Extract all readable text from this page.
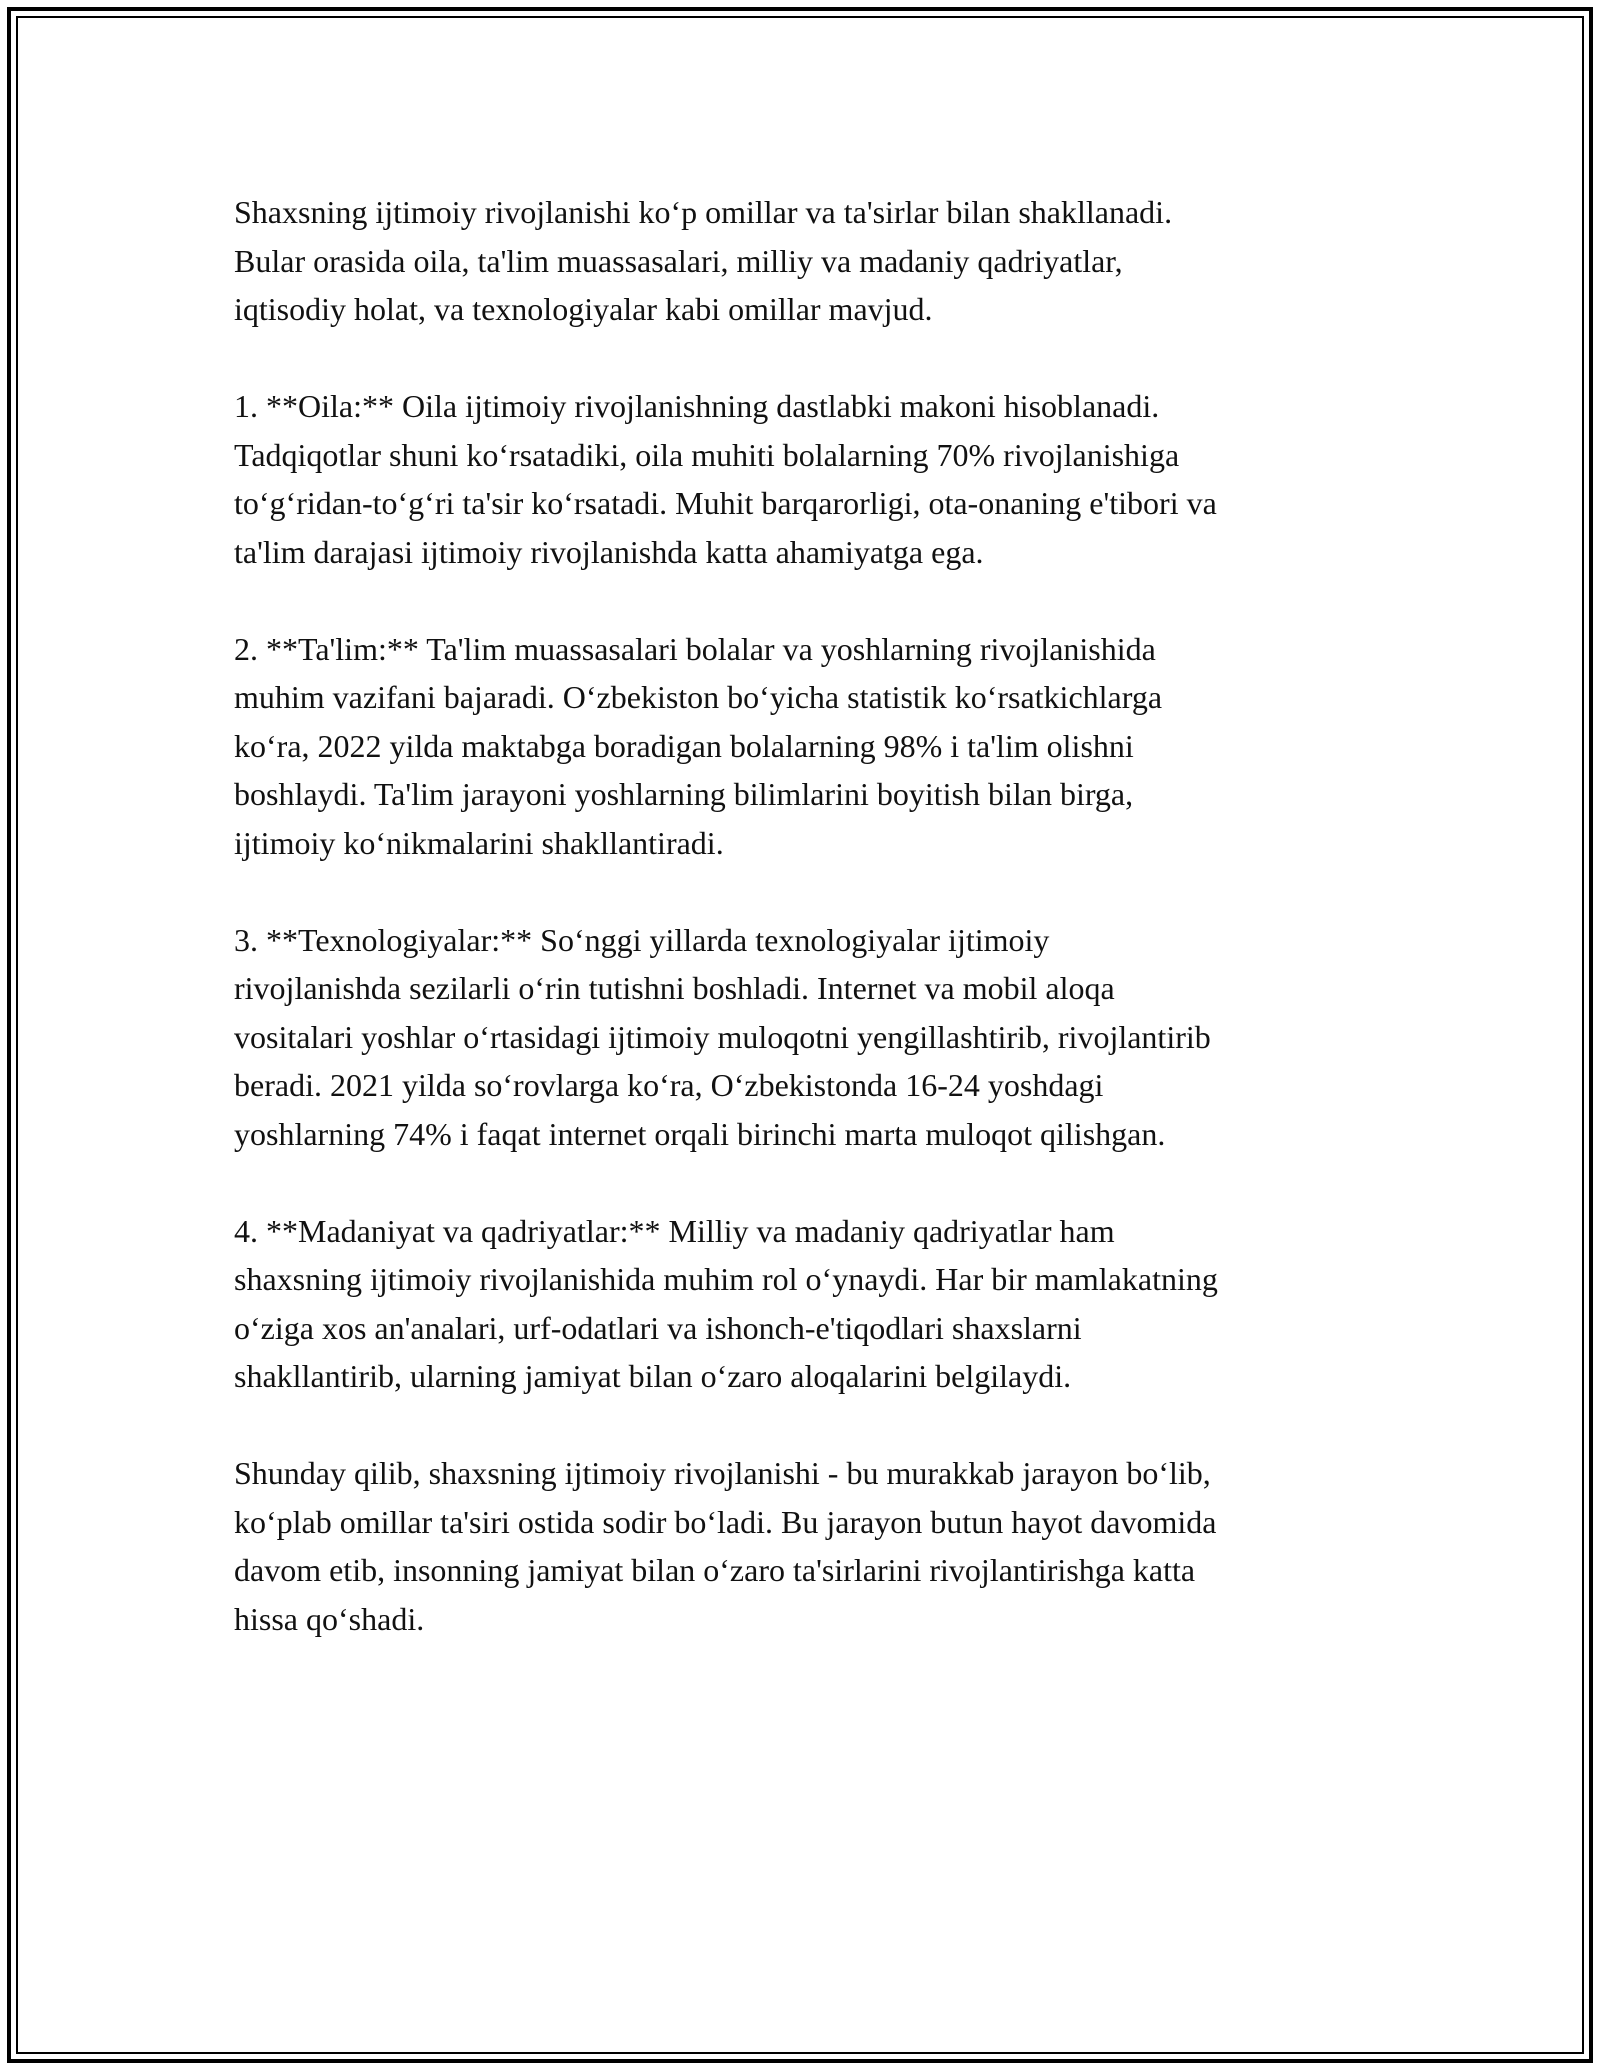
Shaxsning ijtimoiy rivojlanishi ko‘p omillar va ta'sirlar bilan shakllanadi.
Bular orasida oila, ta'lim muassasalari, milliy va madaniy qadriyatlar,
iqtisodiy holat, va texnologiyalar kabi omillar mavjud.

1. **Oila:** Oila ijtimoiy rivojlanishning dastlabki makoni hisoblanadi.
Tadqiqotlar shuni ko‘rsatadiki, oila muhiti bolalarning 70% rivojlanishiga
to‘g‘ridan-to‘g‘ri ta'sir ko‘rsatadi. Muhit barqarorligi, ota-onaning e'tibori va
ta'lim darajasi ijtimoiy rivojlanishda katta ahamiyatga ega.

2. **Ta'lim:** Ta'lim muassasalari bolalar va yoshlarning rivojlanishida
muhim vazifani bajaradi. O‘zbekiston bo‘yicha statistik ko‘rsatkichlarga
ko‘ra, 2022 yilda maktabga boradigan bolalarning 98% i ta'lim olishni
boshlaydi. Ta'lim jarayoni yoshlarning bilimlarini boyitish bilan birga,
ijtimoiy ko‘nikmalarini shakllantiradi.

3. **Texnologiyalar:** So‘nggi yillarda texnologiyalar ijtimoiy
rivojlanishda sezilarli o‘rin tutishni boshladi. Internet va mobil aloqa
vositalari yoshlar o‘rtasidagi ijtimoiy muloqotni yengillashtirib, rivojlantirib
beradi. 2021 yilda so‘rovlarga ko‘ra, O‘zbekistonda 16-24 yoshdagi
yoshlarning 74% i faqat internet orqali birinchi marta muloqot qilishgan.

4. **Madaniyat va qadriyatlar:** Milliy va madaniy qadriyatlar ham
shaxsning ijtimoiy rivojlanishida muhim rol o‘ynaydi. Har bir mamlakatning
o‘ziga xos an'analari, urf-odatlari va ishonch-e'tiqodlari shaxslarni
shakllantirib, ularning jamiyat bilan o‘zaro aloqalarini belgilaydi.

Shunday qilib, shaxsning ijtimoiy rivojlanishi - bu murakkab jarayon bo‘lib,
ko‘plab omillar ta'siri ostida sodir bo‘ladi. Bu jarayon butun hayot davomida
davom etib, insonning jamiyat bilan o‘zaro ta'sirlarini rivojlantirishga katta
hissa qo‘shadi.
